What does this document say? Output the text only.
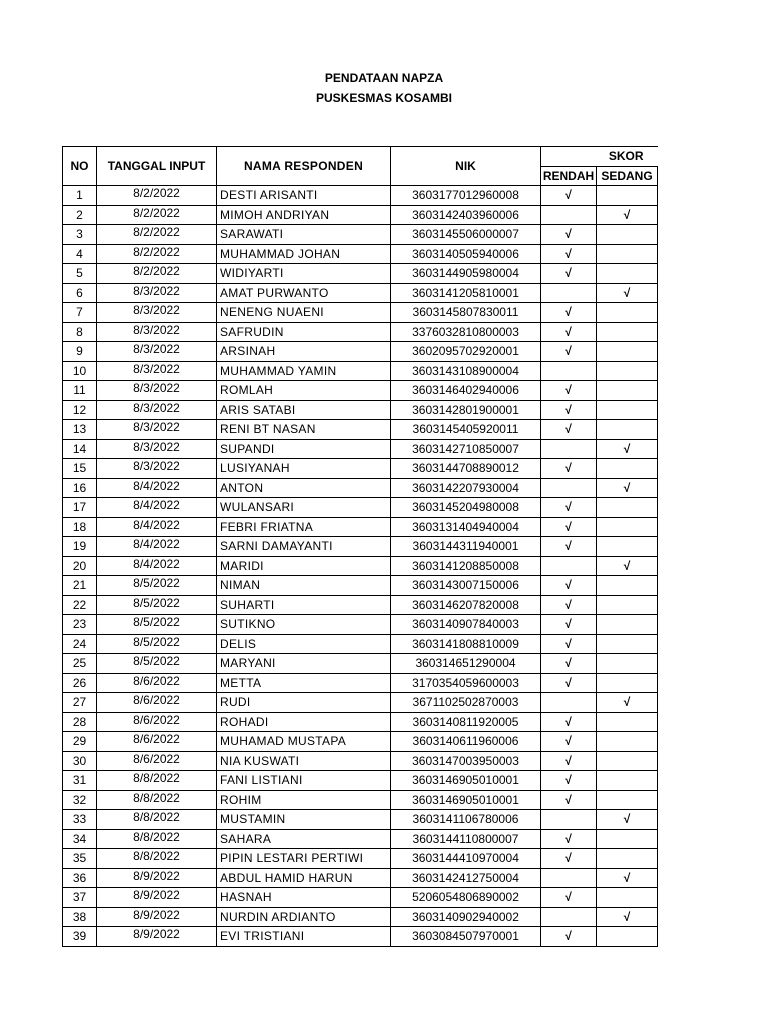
PENDATAAN NAPZA
PUSKESMAS KOSAMBI
NO	TANGGAL INPUT	NAMA RESPONDEN	NIK	SKOR	
				RENDAH	SEDANG
1	8/2/2022	DESTI ARISANTI	3603177012960008	√	
2	8/2/2022	MIMOH ANDRIYAN	3603142403960006		√
3	8/2/2022	SARAWATI	3603145506000007	√	
4	8/2/2022	MUHAMMAD JOHAN	3603140505940006	√	
5	8/2/2022	WIDIYARTI	3603144905980004	√	
6	8/3/2022	AMAT PURWANTO	3603141205810001		√
7	8/3/2022	NENENG NUAENI	3603145807830011	√	
8	8/3/2022	SAFRUDIN	3376032810800003	√	
9	8/3/2022	ARSINAH	3602095702920001	√	
10	8/3/2022	MUHAMMAD YAMIN	3603143108900004		
11	8/3/2022	ROMLAH	3603146402940006	√	
12	8/3/2022	ARIS SATABI	3603142801900001	√	
13	8/3/2022	RENI BT NASAN	3603145405920011	√	
14	8/3/2022	SUPANDI	3603142710850007		√
15	8/3/2022	LUSIYANAH	3603144708890012	√	
16	8/4/2022	ANTON	3603142207930004		√
17	8/4/2022	WULANSARI	3603145204980008	√	
18	8/4/2022	FEBRI FRIATNA	3603131404940004	√	
19	8/4/2022	SARNI DAMAYANTI	3603144311940001	√	
20	8/4/2022	MARIDI	3603141208850008		√
21	8/5/2022	NIMAN	3603143007150006	√	
22	8/5/2022	SUHARTI	3603146207820008	√	
23	8/5/2022	SUTIKNO	3603140907840003	√	
24	8/5/2022	DELIS	3603141808810009	√	
25	8/5/2022	MARYANI	360314651290004	√	
26	8/6/2022	METTA	3170354059600003	√	
27	8/6/2022	RUDI	3671102502870003		√
28	8/6/2022	ROHADI	3603140811920005	√	
29	8/6/2022	MUHAMAD MUSTAPA	3603140611960006	√	
30	8/6/2022	NIA KUSWATI	3603147003950003	√	
31	8/8/2022	FANI LISTIANI	3603146905010001	√	
32	8/8/2022	ROHIM	3603146905010001	√	
33	8/8/2022	MUSTAMIN	3603141106780006		√
34	8/8/2022	SAHARA	3603144110800007	√	
35	8/8/2022	PIPIN LESTARI PERTIWI	3603144410970004	√	
36	8/9/2022	ABDUL HAMID HARUN	3603142412750004		√
37	8/9/2022	HASNAH	5206054806890002	√	
38	8/9/2022	NURDIN ARDIANTO	3603140902940002		√
39	8/9/2022	EVI TRISTIANI	3603084507970001	√	
